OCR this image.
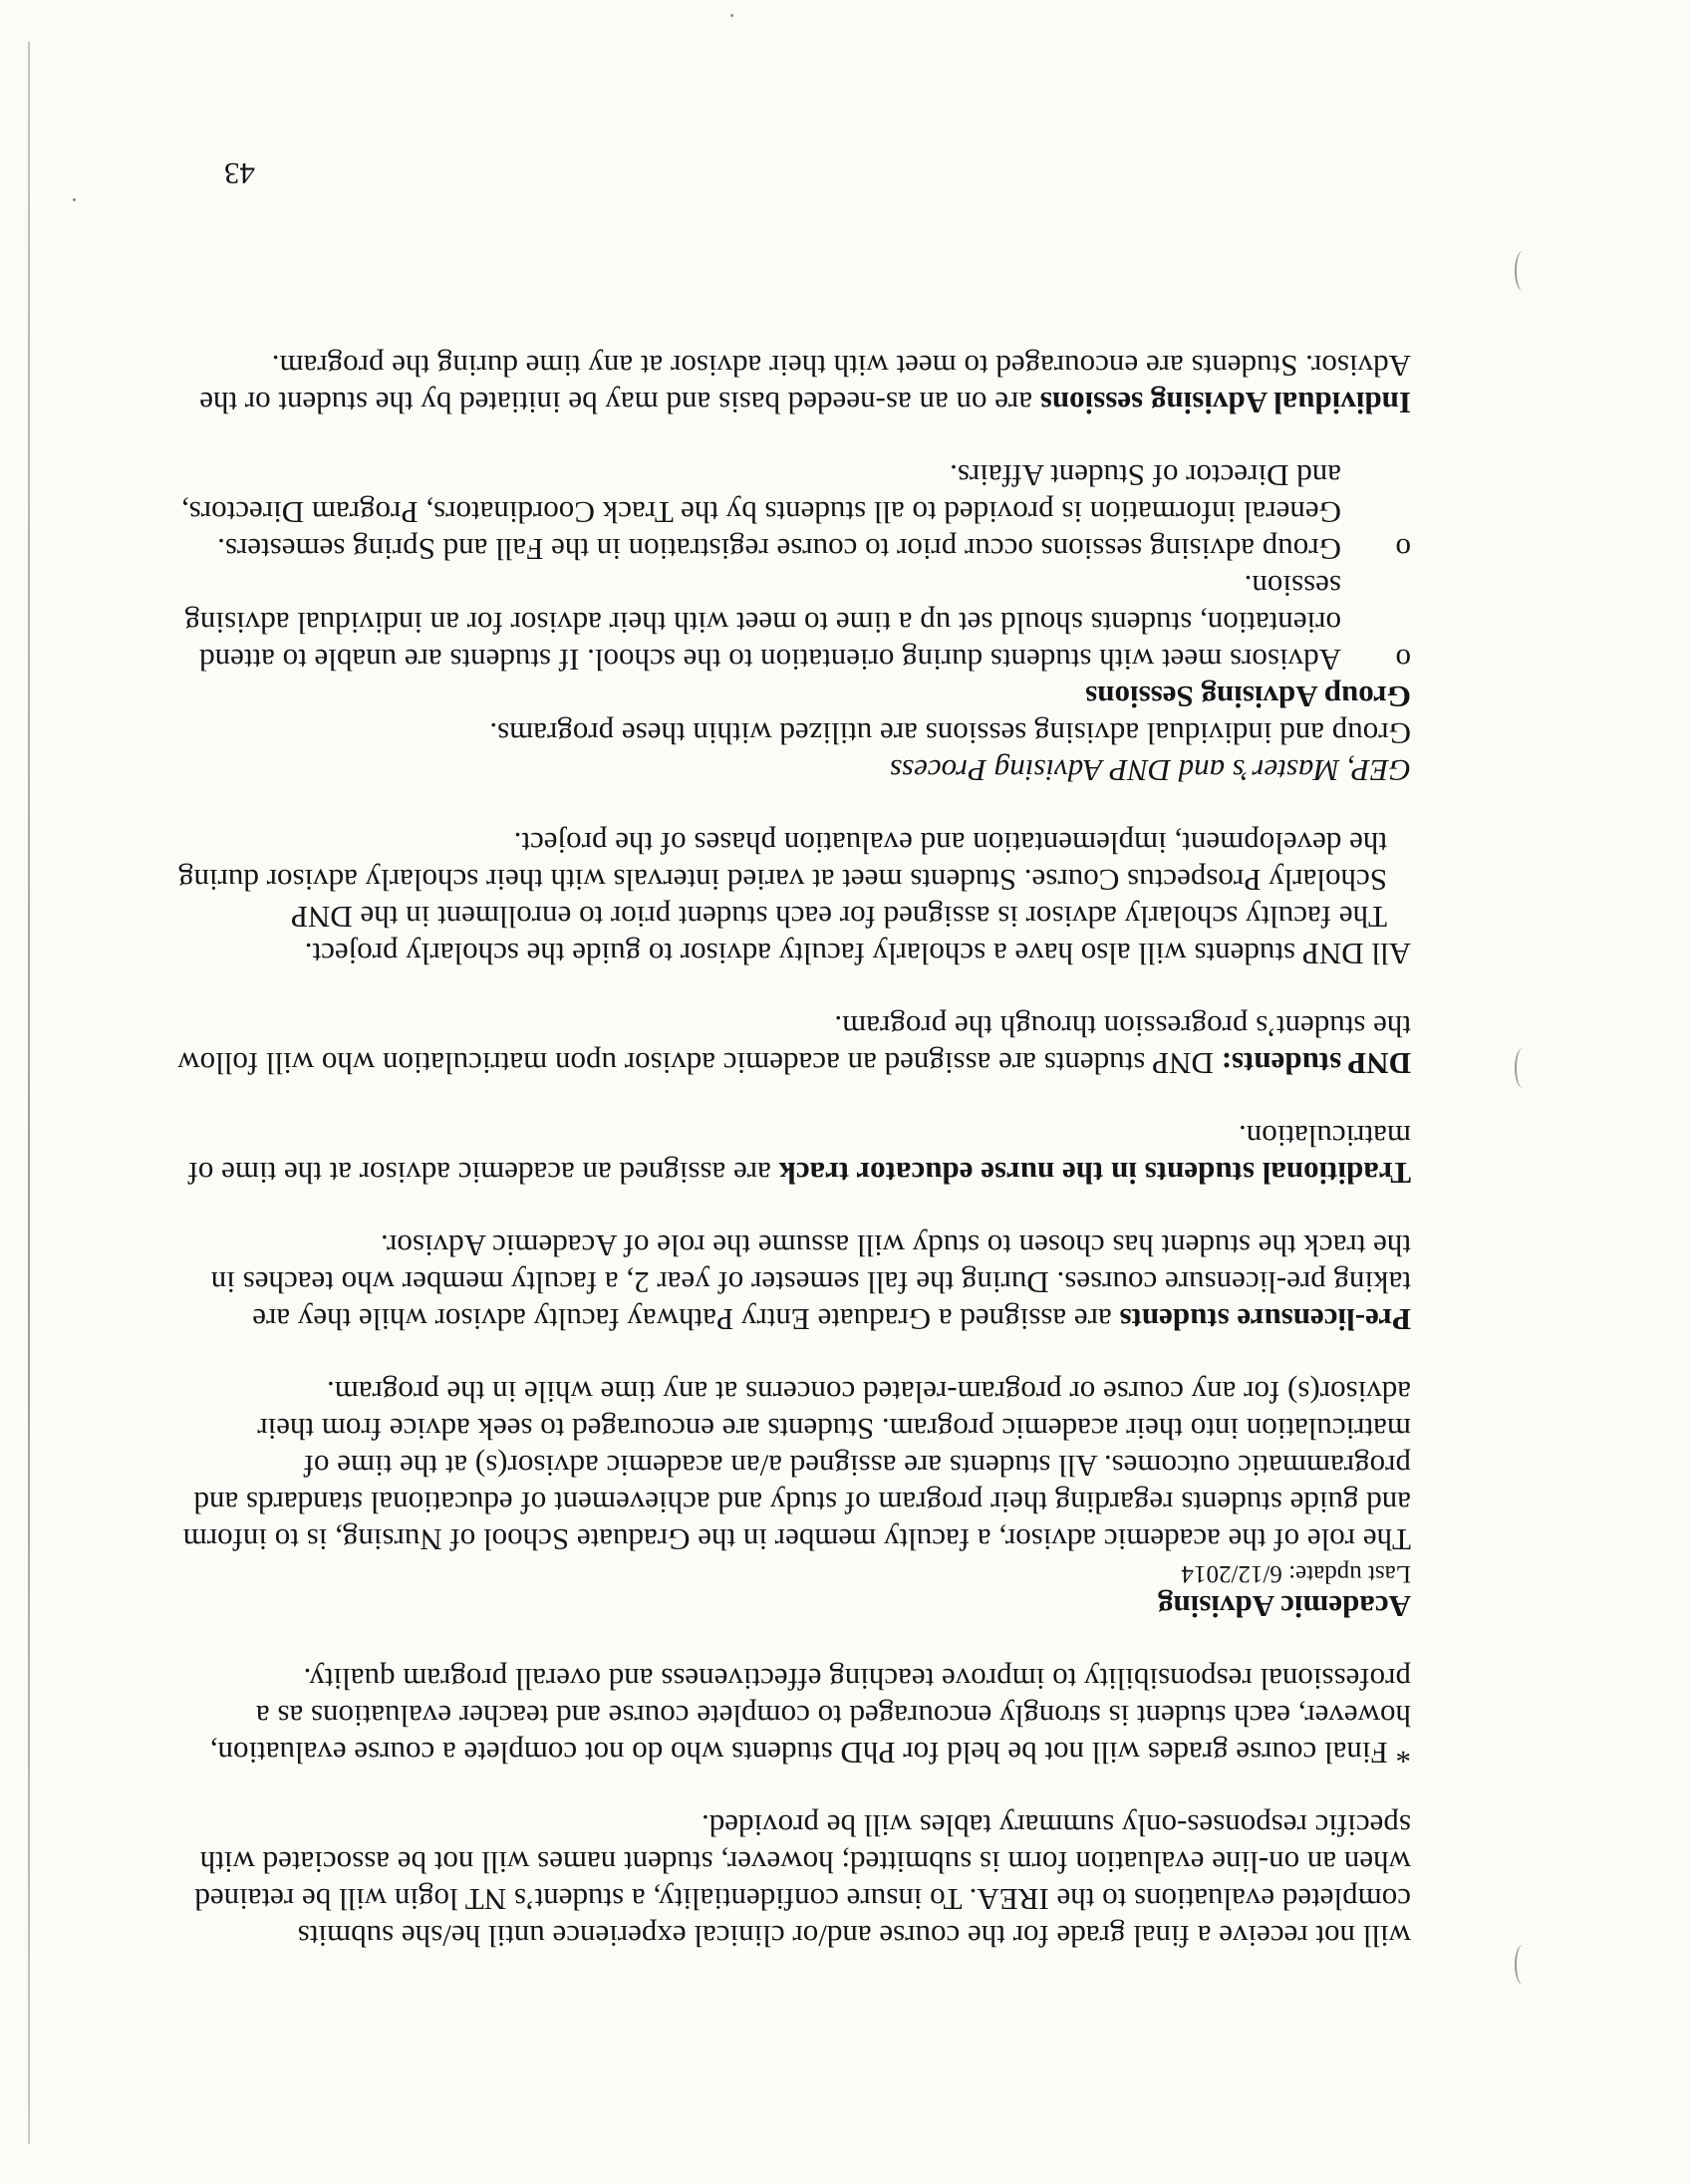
will not receive a final grade for the course and/or clinical experience until he/she submits completed evaluations to the IREA. To insure confidentiality, a student’s NT login will be retained when an on-line evaluation form is submitted; however, student names will not be associated with specific responses-only summary tables will be provided.

* Final course grades will not be held for PhD students who do not complete a course evaluation, however, each student is strongly encouraged to complete course and teacher evaluations as a professional responsibility to improve teaching effectiveness and overall program quality.

Academic Advising

Last update: 6/12/2014

The role of the academic advisor, a faculty member in the Graduate School of Nursing, is to inform and guide students regarding their program of study and achievement of educational standards and programmatic outcomes. All students are assigned a/an academic advisor(s) at the time of matriculation into their academic program. Students are encouraged to seek advice from their advisor(s) for any course or program-related concerns at any time while in the program.

Pre-licensure students are assigned a Graduate Entry Pathway faculty advisor while they are taking pre-licensure courses. During the fall semester of year 2, a faculty member who teaches in the track the student has chosen to study will assume the role of Academic Advisor.

Traditional students in the nurse educator track are assigned an academic advisor at the time of matriculation.

DNP students: DNP students are assigned an academic advisor upon matriculation who will follow the student’s progression through the program.

All DNP students will also have a scholarly faculty advisor to guide the scholarly project.

The faculty scholarly advisor is assigned for each student prior to enrollment in the DNP Scholarly Prospectus Course. Students meet at varied intervals with their scholarly advisor during the development, implementation and evaluation phases of the project.

GEP, Master’s and DNP Advising Process

Group and individual advising sessions are utilized within these programs.

Group Advising Sessions

o
Advisors meet with students during orientation to the school. If students are unable to attend orientation, students should set up a time to meet with their advisor for an individual advising session.
o
Group advising sessions occur prior to course registration in the Fall and Spring semesters. General information is provided to all students by the Track Coordinators, Program Directors, and Director of Student Affairs.

Individual Advising sessions are on an as-needed basis and may be initiated by the student or the Advisor. Students are encouraged to meet with their advisor at any time during the program.

43
